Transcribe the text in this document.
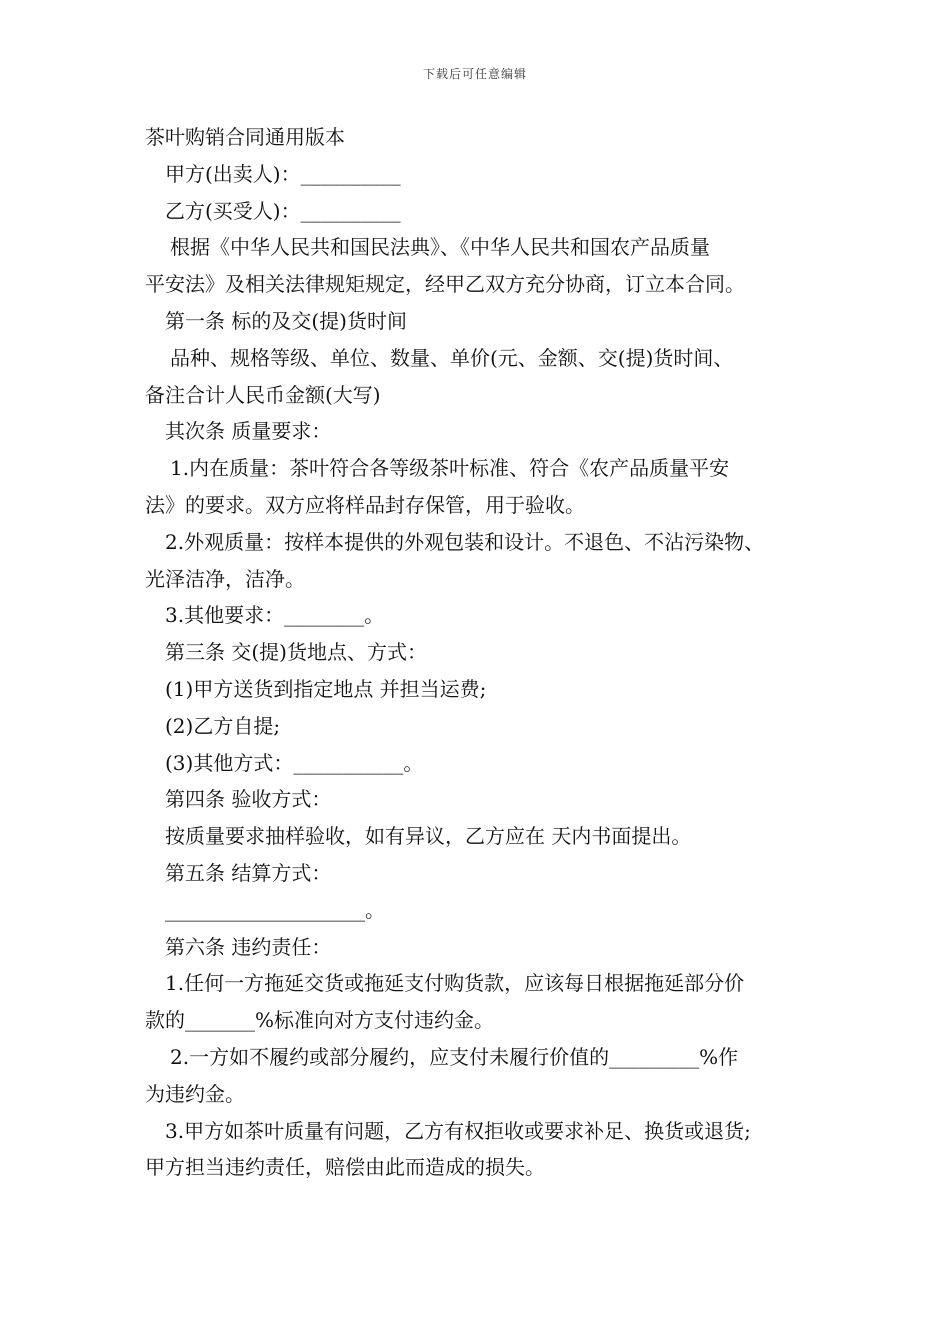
下载后可任意编辑
茶叶购销合同通用版本
甲方(出卖人)：__________
乙方(买受人)：__________
根据《中华人民共和国民法典》、《中华人民共和国农产品质量
平安法》及相关法律规矩规定，经甲乙双方充分协商，订立本合同。
第一条 标的及交(提)货时间
品种、规格等级、单位、数量、单价(元、金额、交(提)货时间、
备注合计人民币金额(大写)
其次条 质量要求：
1.内在质量：茶叶符合各等级茶叶标准、符合《农产品质量平安
法》的要求。双方应将样品封存保管，用于验收。
2.外观质量：按样本提供的外观包装和设计。不退色、不沾污染物、
光泽洁净，洁净。
3.其他要求：________。
第三条 交(提)货地点、方式：
(1)甲方送货到指定地点 并担当运费;
(2)乙方自提;
(3)其他方式：___________。
第四条 验收方式：
按质量要求抽样验收，如有异议，乙方应在 天内书面提出。
第五条 结算方式：
____________________。
第六条 违约责任：
1.任何一方拖延交货或拖延支付购货款，应该每日根据拖延部分价
款的_______%标准向对方支付违约金。
2.一方如不履约或部分履约，应支付未履行价值的_________%作
为违约金。
3.甲方如茶叶质量有问题，乙方有权拒收或要求补足、换货或退货;
甲方担当违约责任，赔偿由此而造成的损失。
